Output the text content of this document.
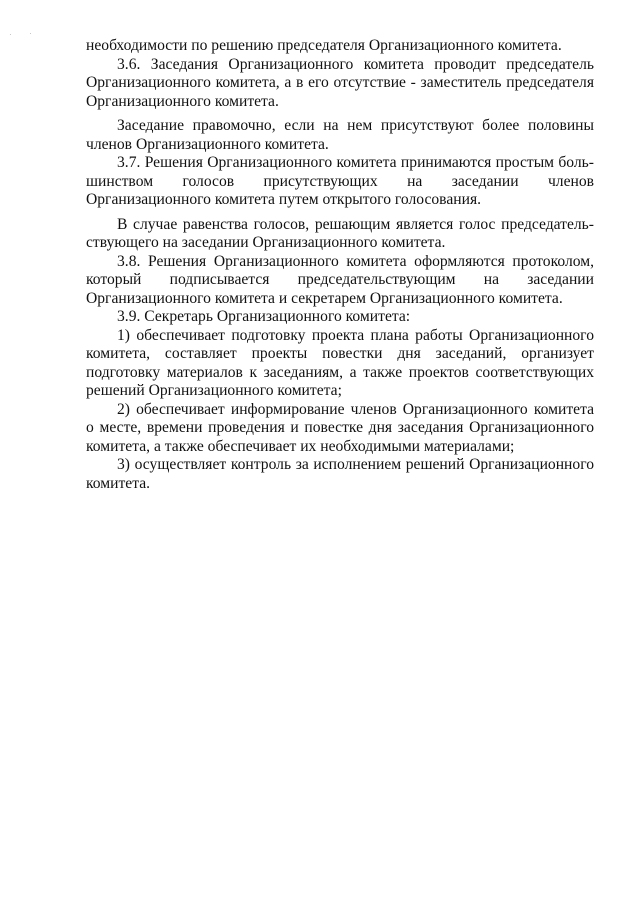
необходимости по решению председателя Организационного комитета.

3.6. Заседания Организационного комитета проводит председатель Организационного комитета, а в его отсутствие - заместитель председателя Организационного комитета.

Заседание правомочно, если на нем присутствуют более половины членов Организационного комитета.

3.7. Решения Организационного комитета принимаются простым большинством голосов присутствующих на заседании членов Организационного комитета путем открытого голосования.

В случае равенства голосов, решающим является голос председательствующего на заседании Организационного комитета.

3.8. Решения Организационного комитета оформляются протоколом, который подписывается председательствующим на заседании Организационного комитета и секретарем Организационного комитета.

3.9. Секретарь Организационного комитета:

1) обеспечивает подготовку проекта плана работы Организационного комитета, составляет проекты повестки дня заседаний, организует подготовку материалов к заседаниям, а также проектов соответствующих решений Организационного комитета;

2) обеспечивает информирование членов Организационного комитета о месте, времени проведения и повестке дня заседания Организационного комитета, а также обеспечивает их необходимыми материалами;

3) осуществляет контроль за исполнением решений Организационного комитета.
